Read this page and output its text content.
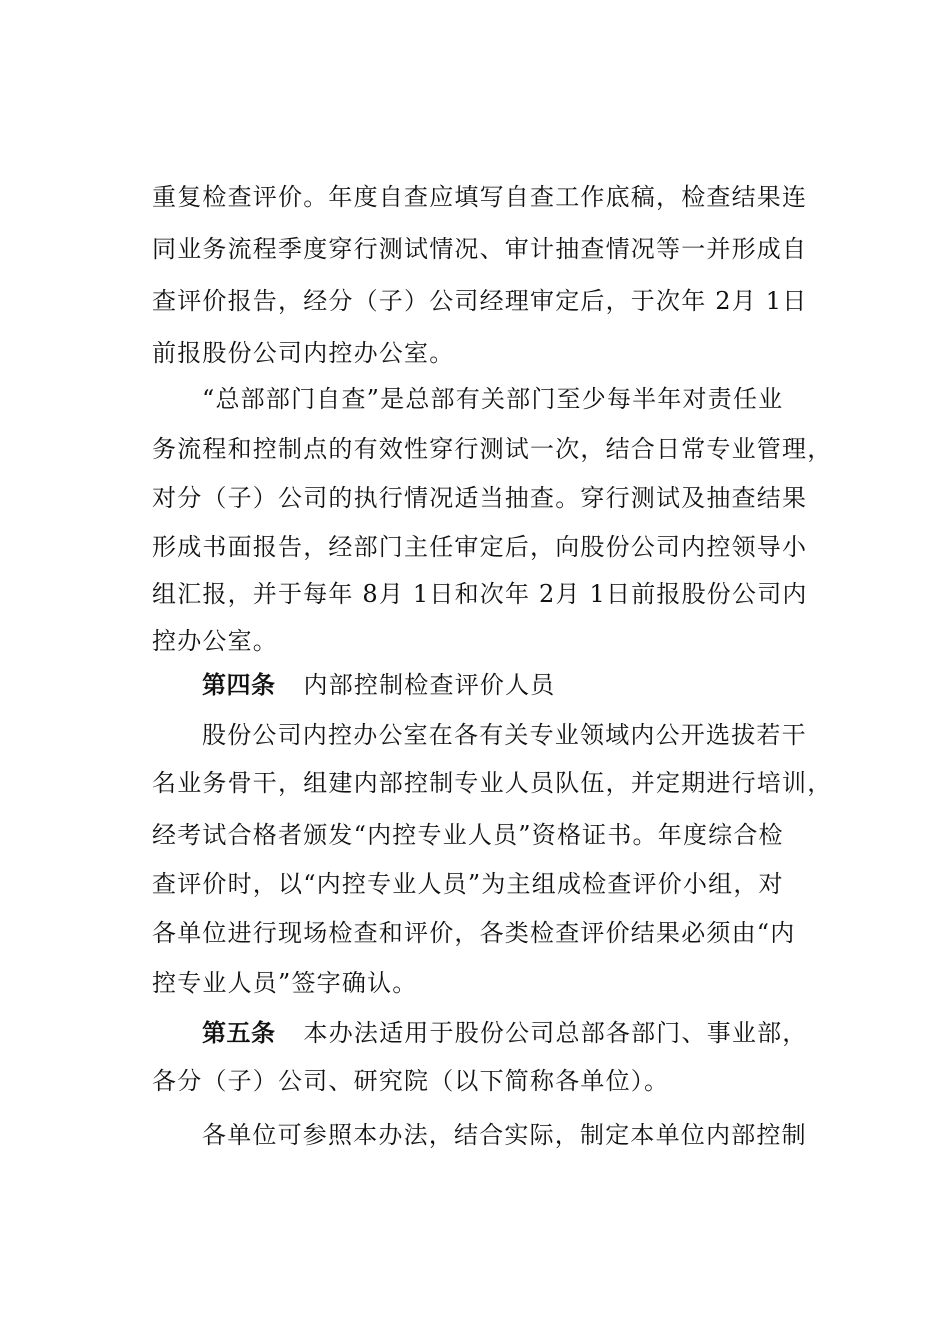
重复检查评价。年度自查应填写自查工作底稿，检查结果连
同业务流程季度穿行测试情况、审计抽查情况等一并形成自
查评价报告，经分（子）公司经理审定后，于次年 2月 1日
前报股份公司内控办公室。
“总部部门自查”是总部有关部门至少每半年对责任业
务流程和控制点的有效性穿行测试一次，结合日常专业管理，
对分（子）公司的执行情况适当抽查。穿行测试及抽查结果
形成书面报告，经部门主任审定后，向股份公司内控领导小
组汇报，并于每年 8月 1日和次年 2月 1日前报股份公司内
控办公室。
第四条 内部控制检查评价人员
股份公司内控办公室在各有关专业领域内公开选拔若干
名业务骨干，组建内部控制专业人员队伍，并定期进行培训，
经考试合格者颁发“内控专业人员”资格证书。年度综合检
查评价时，以“内控专业人员”为主组成检查评价小组，对
各单位进行现场检查和评价，各类检查评价结果必须由“内
控专业人员”签字确认。
第五条 本办法适用于股份公司总部各部门、事业部，
各分（子）公司、研究院（以下简称各单位）。
各单位可参照本办法，结合实际，制定本单位内部控制
